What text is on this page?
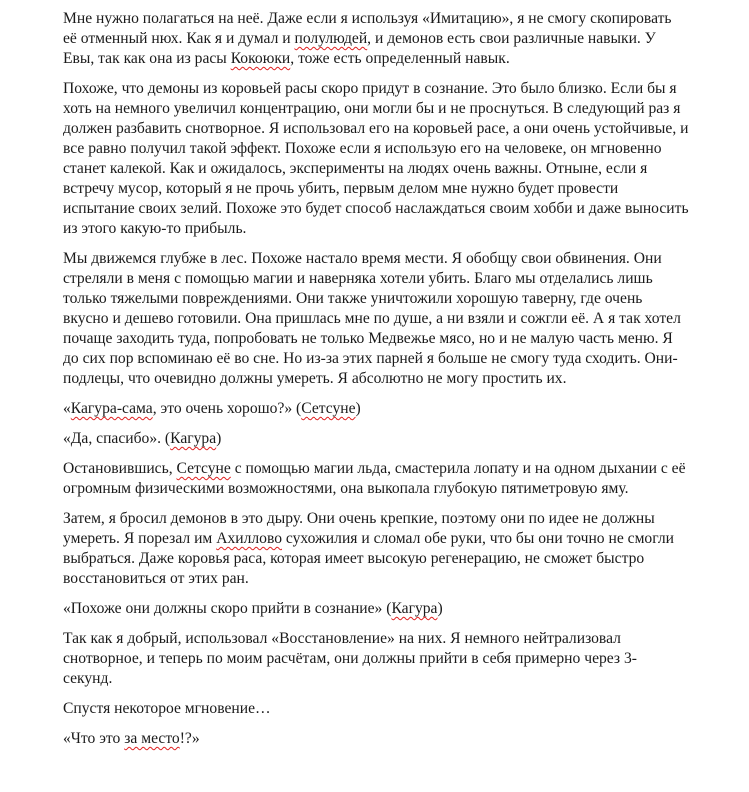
Мне нужно полагаться на неё. Даже если я используя «Имитацию», я не смогу скопировать
её отменный нюх. Как я и думал и полулюдей, и демонов есть свои различные навыки. У
Евы, так как она из расы Кокоюки, тоже есть определенный навык.

Похоже, что демоны из коровьей расы скоро придут в сознание. Это было близко. Если бы я
хоть на немного увеличил концентрацию, они могли бы и не проснуться. В следующий раз я
должен разбавить снотворное. Я использовал его на коровьей расе, а они очень устойчивые, и
все равно получил такой эффект. Похоже если я использую его на человеке, он мгновенно
станет калекой. Как и ожидалось, эксперименты на людях очень важны. Отныне, если я
встречу мусор, который я не прочь убить, первым делом мне нужно будет провести
испытание своих зелий. Похоже это будет способ наслаждаться своим хобби и даже выносить
из этого какую-то прибыль.

Мы движемся глубже в лес. Похоже настало время мести. Я обобщу свои обвинения. Они
стреляли в меня с помощью магии и наверняка хотели убить. Благо мы отделались лишь
только тяжелыми повреждениями. Они также уничтожили хорошую таверну, где очень
вкусно и дешево готовили. Она пришлась мне по душе, а ни взяли и сожгли её. А я так хотел
почаще заходить туда, попробовать не только Медвежье мясо, но и не малую часть меню. Я
до сих пор вспоминаю её во сне. Но из-за этих парней я больше не смогу туда сходить. Они-
подлецы, что очевидно должны умереть. Я абсолютно не могу простить их.

«Кагура-сама, это очень хорошо?» (Сетсуне)

«Да, спасибо». (Кагура)

Остановившись, Сетсуне с помощью магии льда, смастерила лопату и на одном дыхании с её
огромным физическими возможностями, она выкопала глубокую пятиметровую яму.

Затем, я бросил демонов в это дыру. Они очень крепкие, поэтому они по идее не должны
умереть. Я порезал им Ахиллово сухожилия и сломал обе руки, что бы они точно не смогли
выбраться. Даже коровья раса, которая имеет высокую регенерацию, не сможет быстро
восстановиться от этих ран.

«Похоже они должны скоро прийти в сознание» (Кагура)

Так как я добрый, использовал «Восстановление» на них. Я немного нейтрализовал
снотворное, и теперь по моим расчётам, они должны прийти в себя примерно через 3-
секунд.

Спустя некоторое мгновение…

«Что это за место!?»
